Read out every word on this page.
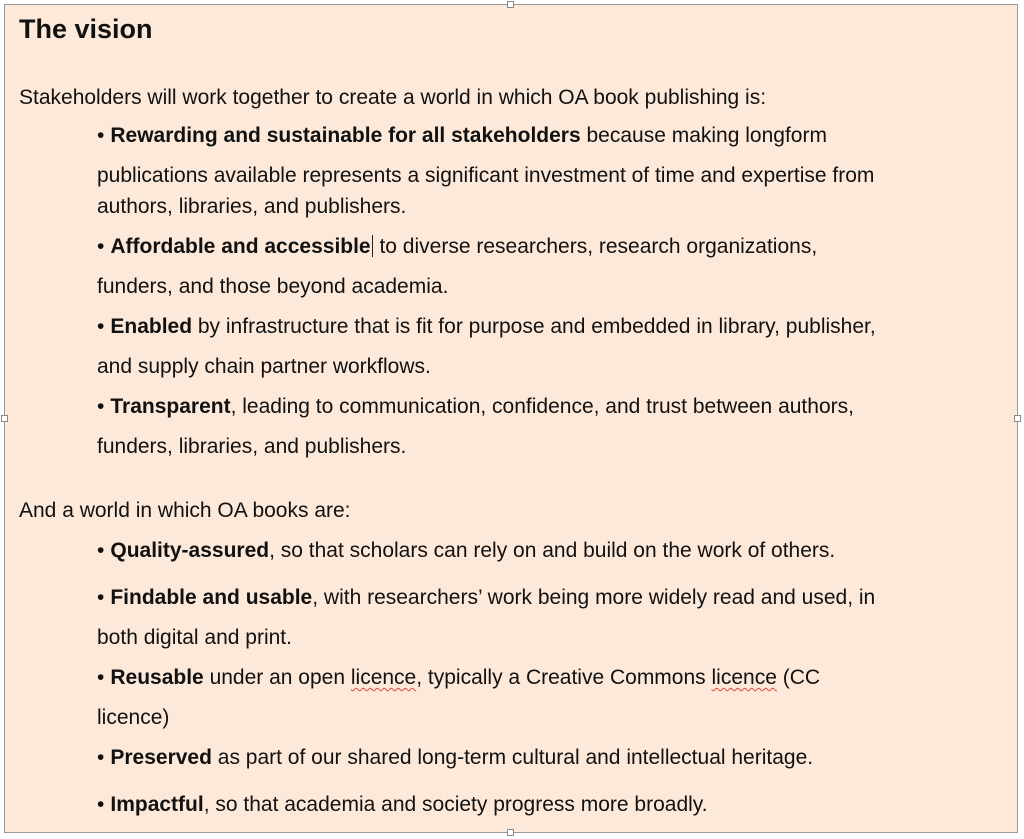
The vision

Stakeholders will work together to create a world in which OA book publishing is:

• Rewarding and sustainable for all stakeholders because making longform
publications available represents a significant investment of time and expertise from
authors, libraries, and publishers.

• Affordable and accessible to diverse researchers, research organizations,
funders, and those beyond academia.

• Enabled by infrastructure that is fit for purpose and embedded in library, publisher,
and supply chain partner workflows.

• Transparent, leading to communication, confidence, and trust between authors,
funders, libraries, and publishers.

And a world in which OA books are:

• Quality-assured, so that scholars can rely on and build on the work of others.

• Findable and usable, with researchers’ work being more widely read and used, in
both digital and print.

• Reusable under an open licence, typically a Creative Commons licence (CC
licence)

• Preserved as part of our shared long-term cultural and intellectual heritage.

• Impactful, so that academia and society progress more broadly.
